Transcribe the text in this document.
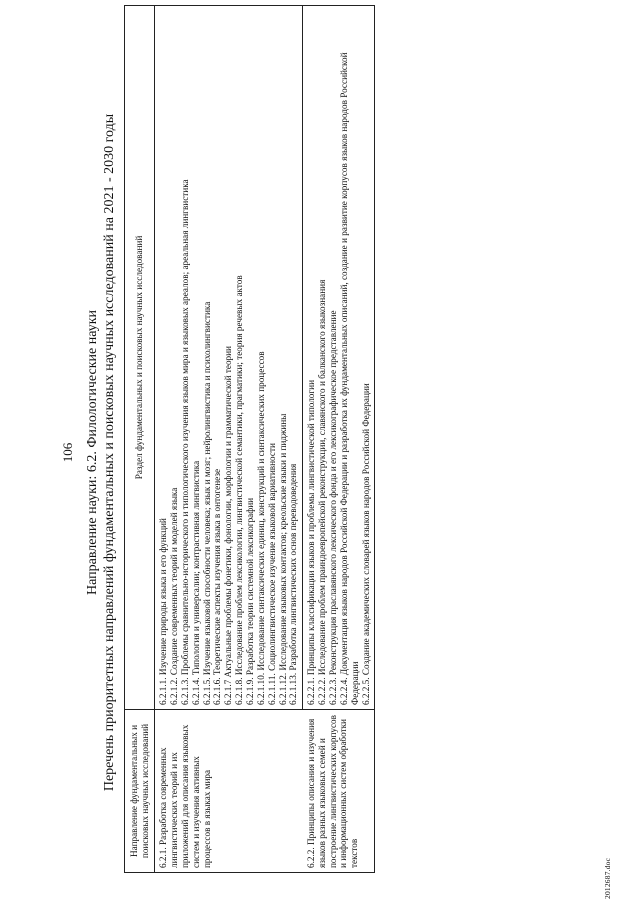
106 Направление науки: 6.2. Филологические науки Перечень приоритетных направлений фундаментальных и поисковых научных исследований на 2021 - 2030 годы Направление фундаментальных и поисковых научных исследований	Раздел фундаментальных и поисковых научных исследований
6.2.1. Разработка современных лингвистических теорий и их приложений для описания языковых систем и изучения активных процессов в языках мира	6.2.1.1. Изучение природы языка и его функций
	6.2.1.2. Создание современных теорий и моделей языка
	6.2.1.3. Проблемы сравнительно-исторического и типологического изучения языков мира и языковых ареалов; ареальная лингвистика
	6.2.1.4. Типология и универсалии; контрастивная лингвистика
	6.2.1.5. Изучение языковой способности человека; язык и мозг; нейролингвистика и психолингвистика
	6.2.1.6. Теоретические аспекты изучения языка в онтогенезе
	6.2.1.7 Актуальные проблемы фонетики, фонологии, морфологии и грамматической теории
	6.2.1.8. Исследование проблем лексикологии, лингвистической семантики, прагматики; теория речевых актов
	6.2.1.9. Разработка теории системной лексикографии
	6.2.1.10. Исследование синтаксических единиц, конструкций и синтаксических процессов
	6.2.1.11. Социолингвистическое изучение языковой вариативности
	6.2.1.12. Исследование языковых контактов; креольские языки и пиджины
	6.2.1.13. Разработка лингвистических основ переводоведения
6.2.2. Принципы описания и изучения языков разных языковых семей и построение лингвистических корпусов и информационных систем обработки текстов	6.2.2.1. Принципы классификации языков и проблемы лингвистической типологии
	6.2.2.2. Исследование проблем праиндоевропейской реконструкции, славянского и балканского языкознания
	6.2.2.3. Реконструкция праславянского лексического фонда и его лексикографическое представление
	6.2.2.4. Документация языков народов Российской Федерации и разработка их фундаментальных описаний, создание и развитие корпусов языков народов Российской Федерации
	6.2.2.5. Создание академических словарей языков народов Российской Федерации
2012687.doc
